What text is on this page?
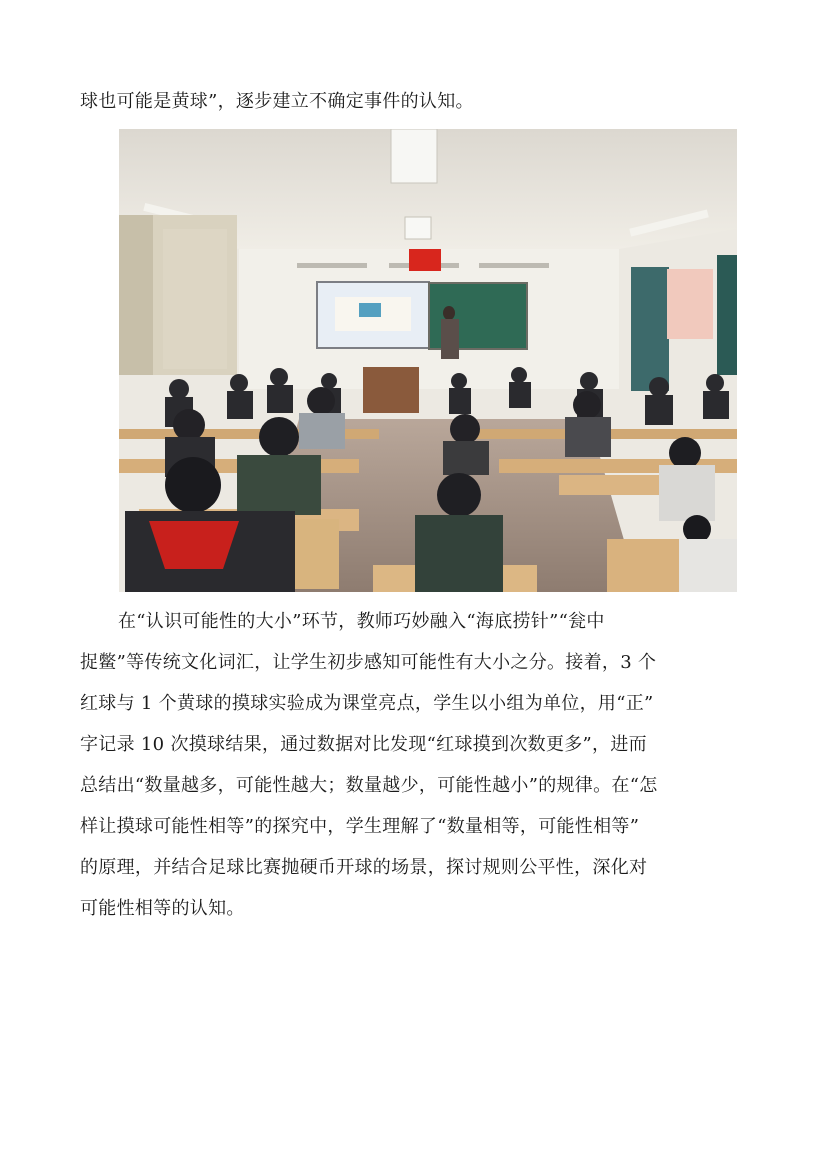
球也可能是黄球”，逐步建立不确定事件的认知。
在“认识可能性的大小”环节，教师巧妙融入“海底捞针”“瓮中
捉鳖”等传统文化词汇，让学生初步感知可能性有大小之分。接着，3 个
红球与 1 个黄球的摸球实验成为课堂亮点，学生以小组为单位，用“正”
字记录 10 次摸球结果，通过数据对比发现“红球摸到次数更多”，进而
总结出“数量越多，可能性越大；数量越少，可能性越小”的规律。在“怎
样让摸球可能性相等”的探究中，学生理解了“数量相等，可能性相等”
的原理，并结合足球比赛抛硬币开球的场景，探讨规则公平性，深化对
可能性相等的认知。
